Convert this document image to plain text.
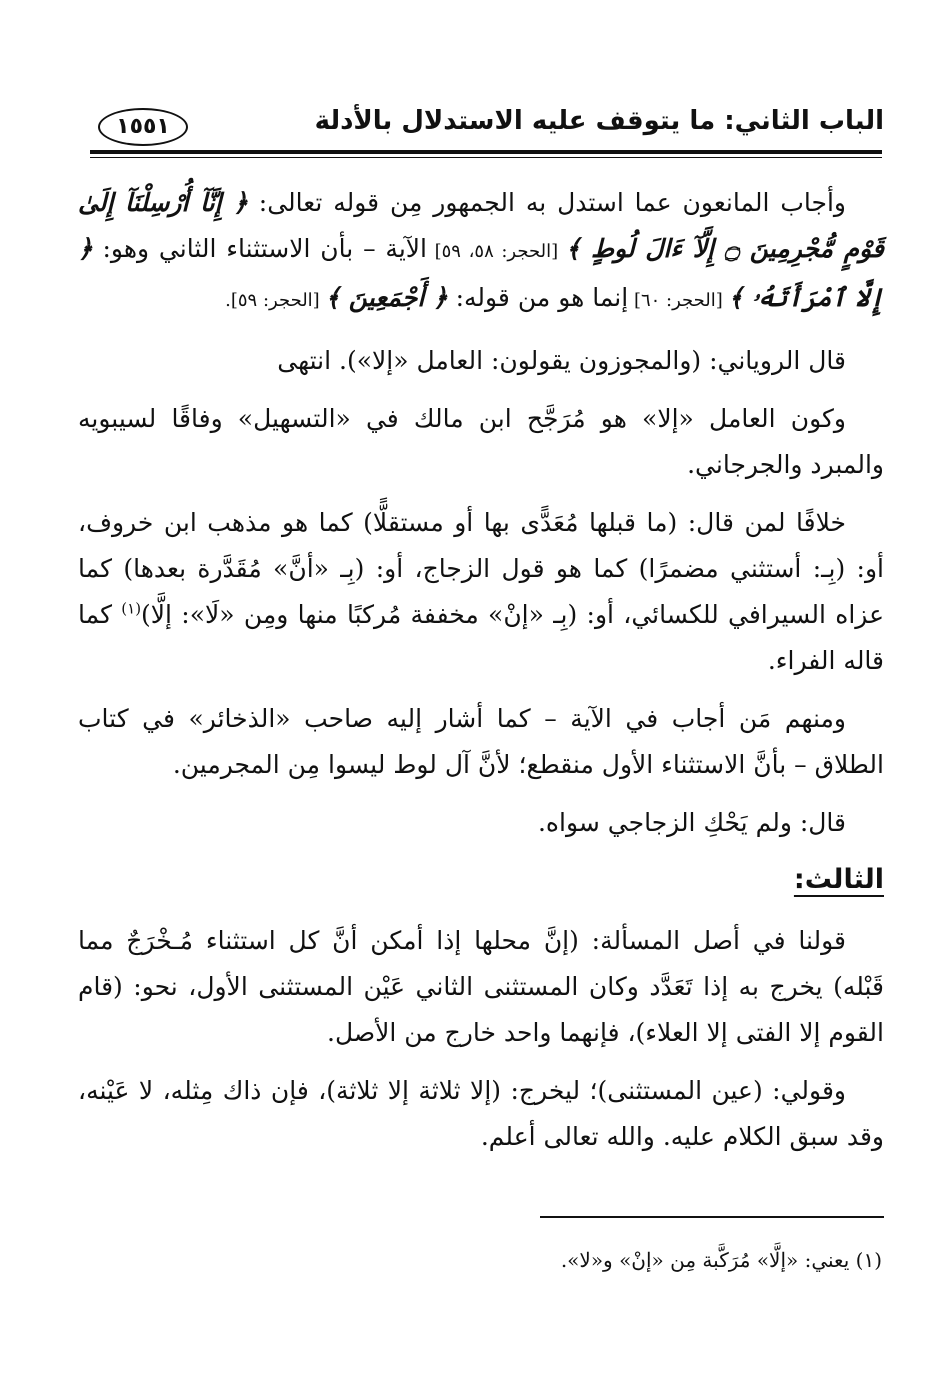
الباب الثاني: ما يتوقف عليه الاستدلال بالأدلة
١٥٥١

وأجاب المانعون عما استدل به الجمهور مِن قوله تعالى: ﴿ إِنَّآ أُرْسِلْنَآ إِلَىٰ قَوْمٍ مُّجْرِمِينَ ۝ إِلَّآ ءَالَ لُوطٍ ﴾ [الحجر: ٥٨، ٥٩] الآية – بأن الاستثناء الثاني وهو: ﴿ إِلَّا ٱمْرَأَتَهُۥ ﴾ [الحجر: ٦٠] إنما هو من قوله: ﴿ أَجْمَعِينَ ﴾ [الحجر: ٥٩].

قال الروياني: (والمجوزون يقولون: العامل «إلا»). انتهى

وكون العامل «إلا» هو مُرَجَّح ابن مالك في «التسهيل» وفاقًا لسيبويه والمبرد والجرجاني.

خلافًا لمن قال: (ما قبلها مُعَدًّى بها أو مستقلًّا) كما هو مذهب ابن خروف، أو: (بِـ: أستثني مضمرًا) كما هو قول الزجاج، أو: (بِـ «أنَّ» مُقَدَّرة بعدها) كما عزاه السيرافي للكسائي، أو: (بِـ «إنْ» مخففة مُركبًا منها ومِن «لَا»: إلَّا)$^{(١)}$ كما قاله الفراء.

ومنهم مَن أجاب في الآية – كما أشار إليه صاحب «الذخائر» في كتاب الطلاق – بأنَّ الاستثناء الأول منقطع؛ لأنَّ آل لوط ليسوا مِن المجرمين.

قال: ولم يَحْكِ الزجاجي سواه.

الثالث:

قولنا في أصل المسألة: (إنَّ محلها إذا أمكن أنَّ كل استثناء مُـخْرَجٌ مما قَبْله) يخرج به إذا تَعَدَّد وكان المستثنى الثاني عَيْن المستثنى الأول، نحو: (قام القوم إلا الفتى إلا العلاء)، فإنهما واحد خارج من الأصل.

وقولي: (عين المستثنى)؛ ليخرج: (إلا ثلاثة إلا ثلاثة)، فإن ذاك مِثله، لا عَيْنه، وقد سبق الكلام عليه. والله تعالى أعلم.

(١) يعني: «إلَّا» مُرَكَّبة مِن «إنْ» و«لا».
